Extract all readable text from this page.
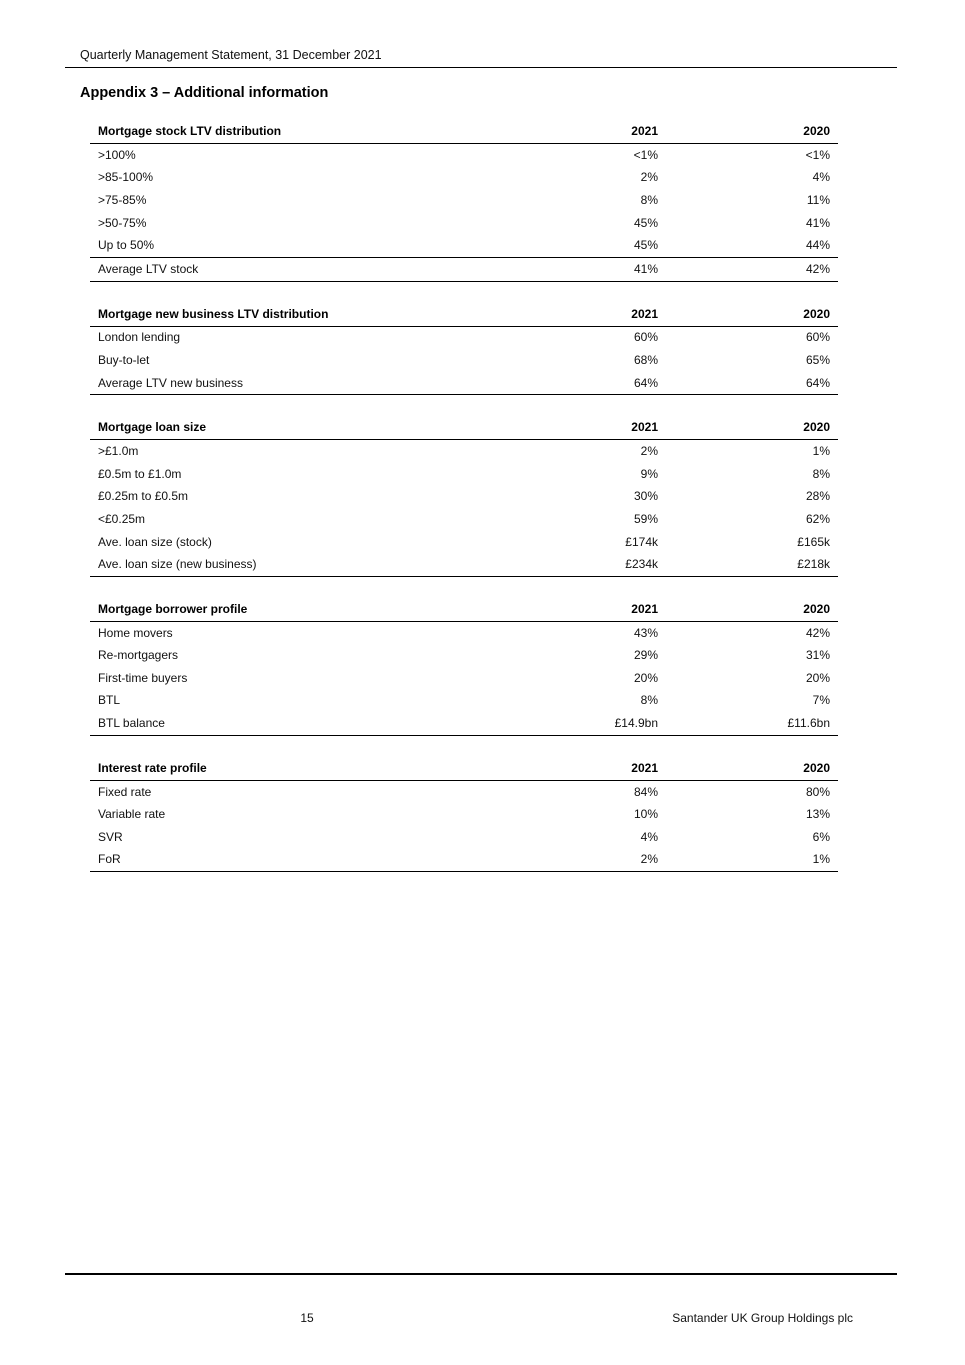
Quarterly Management Statement, 31 December 2021
Appendix 3 – Additional information
Mortgage stock LTV distribution	2021	2020
>100%	<1%	<1%
>85-100%	2%	4%
>75-85%	8%	11%
>50-75%	45%	41%
Up to 50%	45%	44%
Average LTV stock	41%	42%
Mortgage new business LTV distribution	2021	2020
London lending	60%	60%
Buy-to-let	68%	65%
Average LTV new business	64%	64%
Mortgage loan size	2021	2020
>£1.0m	2%	1%
£0.5m to £1.0m	9%	8%
£0.25m to £0.5m	30%	28%
<£0.25m	59%	62%
Ave. loan size (stock)	£174k	£165k
Ave. loan size (new business)	£234k	£218k
Mortgage borrower profile	2021	2020
Home movers	43%	42%
Re-mortgagers	29%	31%
First-time buyers	20%	20%
BTL	8%	7%
BTL balance	£14.9bn	£11.6bn
Interest rate profile	2021	2020
Fixed rate	84%	80%
Variable rate	10%	13%
SVR	4%	6%
FoR	2%	1%
15	Santander UK Group Holdings plc
